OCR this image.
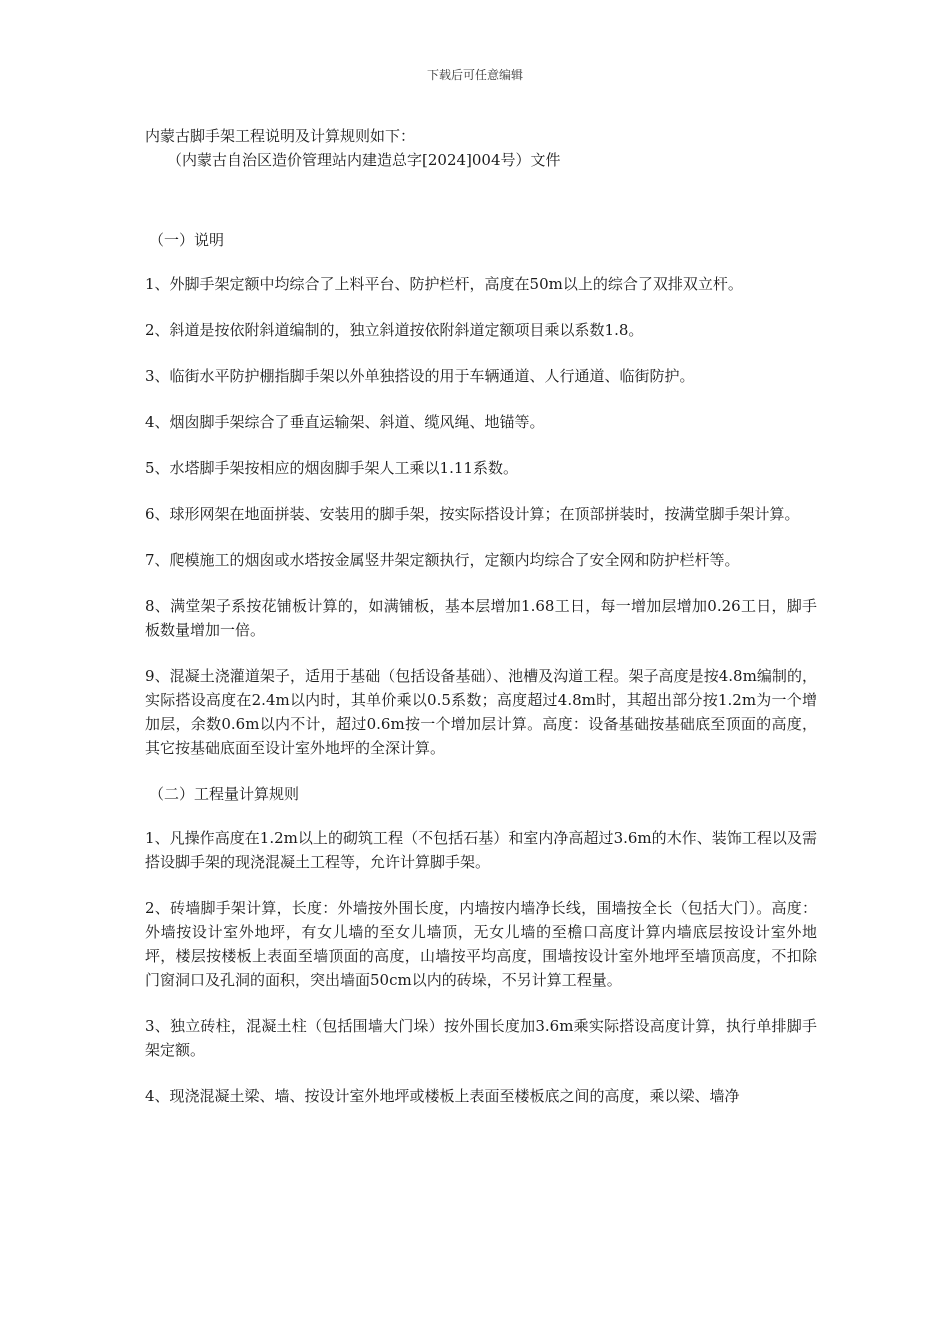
下载后可任意编辑

内蒙古脚手架工程说明及计算规则如下：

（内蒙古自治区造价管理站内建造总字[2024]004号）文件

（一）说明

1、外脚手架定额中均综合了上料平台、防护栏杆，高度在50m以上的综合了双排双立杆。

2、斜道是按依附斜道编制的，独立斜道按依附斜道定额项目乘以系数1.8。

3、临街水平防护棚指脚手架以外单独搭设的用于车辆通道、人行通道、临街防护。

4、烟囱脚手架综合了垂直运输架、斜道、缆风绳、地锚等。

5、水塔脚手架按相应的烟囱脚手架人工乘以1.11系数。

6、球形网架在地面拼装、安装用的脚手架，按实际搭设计算；在顶部拼装时，按满堂脚手架计算。

7、爬模施工的烟囱或水塔按金属竖井架定额执行，定额内均综合了安全网和防护栏杆等。

8、满堂架子系按花铺板计算的，如满铺板，基本层增加1.68工日，每一增加层增加0.26工日，脚手板数量增加一倍。

9、混凝土浇灌道架子，适用于基础（包括设备基础）、池槽及沟道工程。架子高度是按4.8m编制的，实际搭设高度在2.4m以内时，其单价乘以0.5系数；高度超过4.8m时，其超出部分按1.2m为一个增加层，余数0.6m以内不计，超过0.6m按一个增加层计算。高度：设备基础按基础底至顶面的高度，其它按基础底面至设计室外地坪的全深计算。

（二）工程量计算规则

1、凡操作高度在1.2m以上的砌筑工程（不包括石基）和室内净高超过3.6m的木作、装饰工程以及需搭设脚手架的现浇混凝土工程等，允许计算脚手架。

2、砖墙脚手架计算，长度：外墙按外围长度，内墙按内墙净长线，围墙按全长（包括大门）。高度：外墙按设计室外地坪，有女儿墙的至女儿墙顶，无女儿墙的至檐口高度计算内墙底层按设计室外地坪，楼层按楼板上表面至墙顶面的高度，山墙按平均高度，围墙按设计室外地坪至墙顶高度，不扣除门窗洞口及孔洞的面积，突出墙面50cm以内的砖垛，不另计算工程量。

3、独立砖柱，混凝土柱（包括围墙大门垛）按外围长度加3.6m乘实际搭设高度计算，执行单排脚手架定额。

4、现浇混凝土梁、墙、按设计室外地坪或楼板上表面至楼板底之间的高度，乘以梁、墙净
